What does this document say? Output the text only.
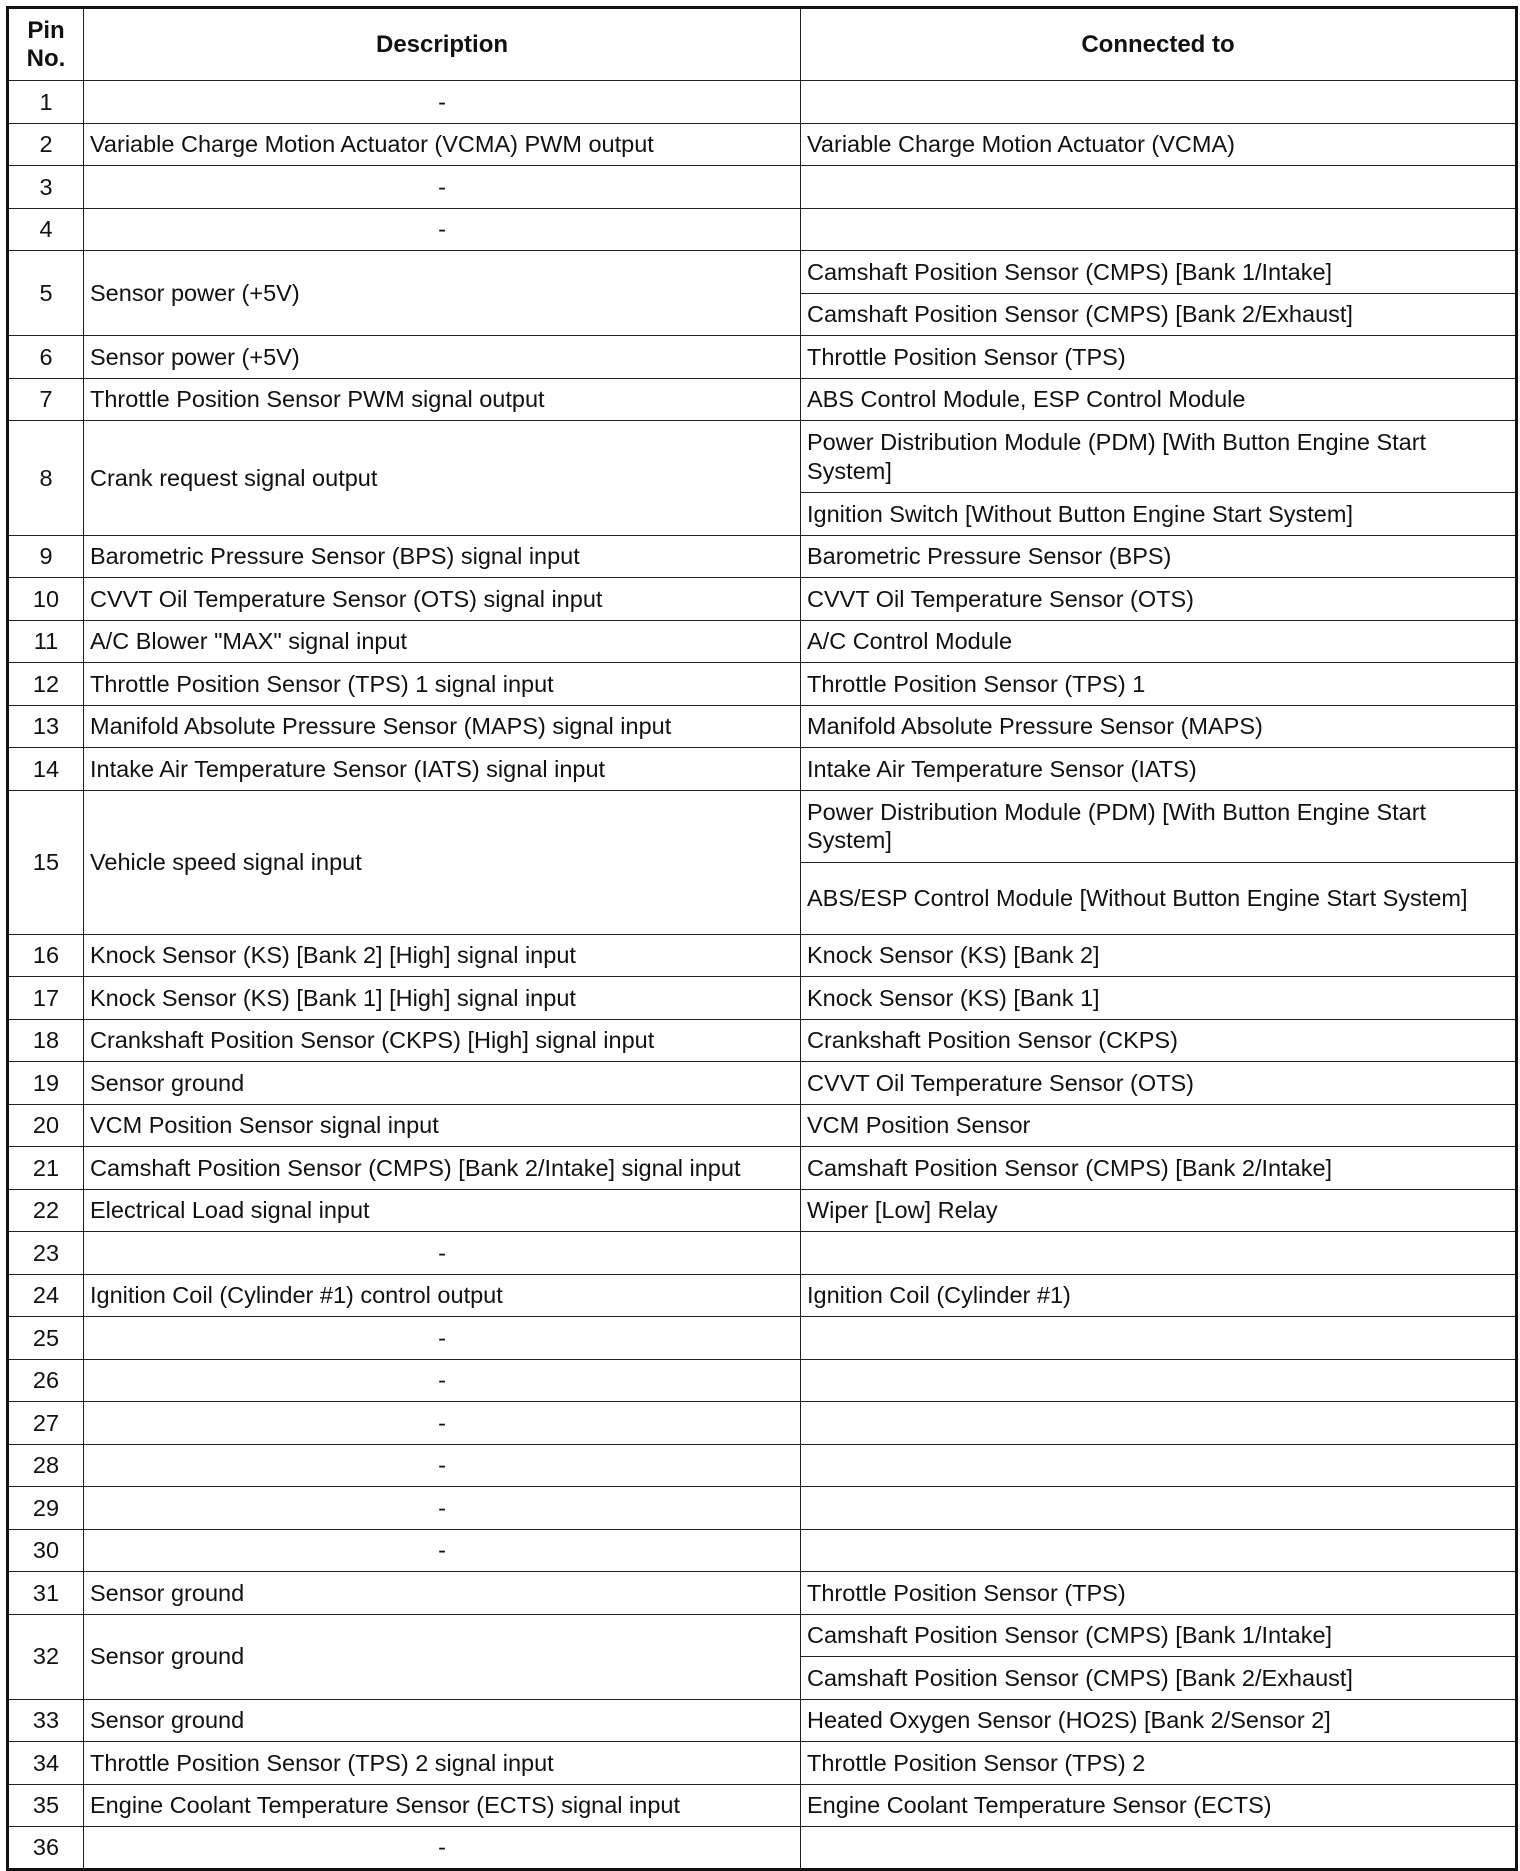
Pin No.	Description	Connected to
1	-	
2	Variable Charge Motion Actuator (VCMA) PWM output	Variable Charge Motion Actuator (VCMA)
3	-	
4	-	
5	Sensor power (+5V)	Camshaft Position Sensor (CMPS) [Bank 1/Intake]
		Camshaft Position Sensor (CMPS) [Bank 2/Exhaust]
6	Sensor power (+5V)	Throttle Position Sensor (TPS)
7	Throttle Position Sensor PWM signal output	ABS Control Module, ESP Control Module
8	Crank request signal output	Power Distribution Module (PDM) [With Button Engine Start System]
		Ignition Switch [Without Button Engine Start System]
9	Barometric Pressure Sensor (BPS) signal input	Barometric Pressure Sensor (BPS)
10	CVVT Oil Temperature Sensor (OTS) signal input	CVVT Oil Temperature Sensor (OTS)
11	A/C Blower "MAX" signal input	A/C Control Module
12	Throttle Position Sensor (TPS) 1 signal input	Throttle Position Sensor (TPS) 1
13	Manifold Absolute Pressure Sensor (MAPS) signal input	Manifold Absolute Pressure Sensor (MAPS)
14	Intake Air Temperature Sensor (IATS) signal input	Intake Air Temperature Sensor (IATS)
15	Vehicle speed signal input	Power Distribution Module (PDM) [With Button Engine Start System]
		ABS/ESP Control Module [Without Button Engine Start System]
16	Knock Sensor (KS) [Bank 2] [High] signal input	Knock Sensor (KS) [Bank 2]
17	Knock Sensor (KS) [Bank 1] [High] signal input	Knock Sensor (KS) [Bank 1]
18	Crankshaft Position Sensor (CKPS) [High] signal input	Crankshaft Position Sensor (CKPS)
19	Sensor ground	CVVT Oil Temperature Sensor (OTS)
20	VCM Position Sensor signal input	VCM Position Sensor
21	Camshaft Position Sensor (CMPS) [Bank 2/Intake] signal input	Camshaft Position Sensor (CMPS) [Bank 2/Intake]
22	Electrical Load signal input	Wiper [Low] Relay
23	-	
24	Ignition Coil (Cylinder #1) control output	Ignition Coil (Cylinder #1)
25	-	
26	-	
27	-	
28	-	
29	-	
30	-	
31	Sensor ground	Throttle Position Sensor (TPS)
32	Sensor ground	Camshaft Position Sensor (CMPS) [Bank 1/Intake]
		Camshaft Position Sensor (CMPS) [Bank 2/Exhaust]
33	Sensor ground	Heated Oxygen Sensor (HO2S) [Bank 2/Sensor 2]
34	Throttle Position Sensor (TPS) 2 signal input	Throttle Position Sensor (TPS) 2
35	Engine Coolant Temperature Sensor (ECTS) signal input	Engine Coolant Temperature Sensor (ECTS)
36	-	
